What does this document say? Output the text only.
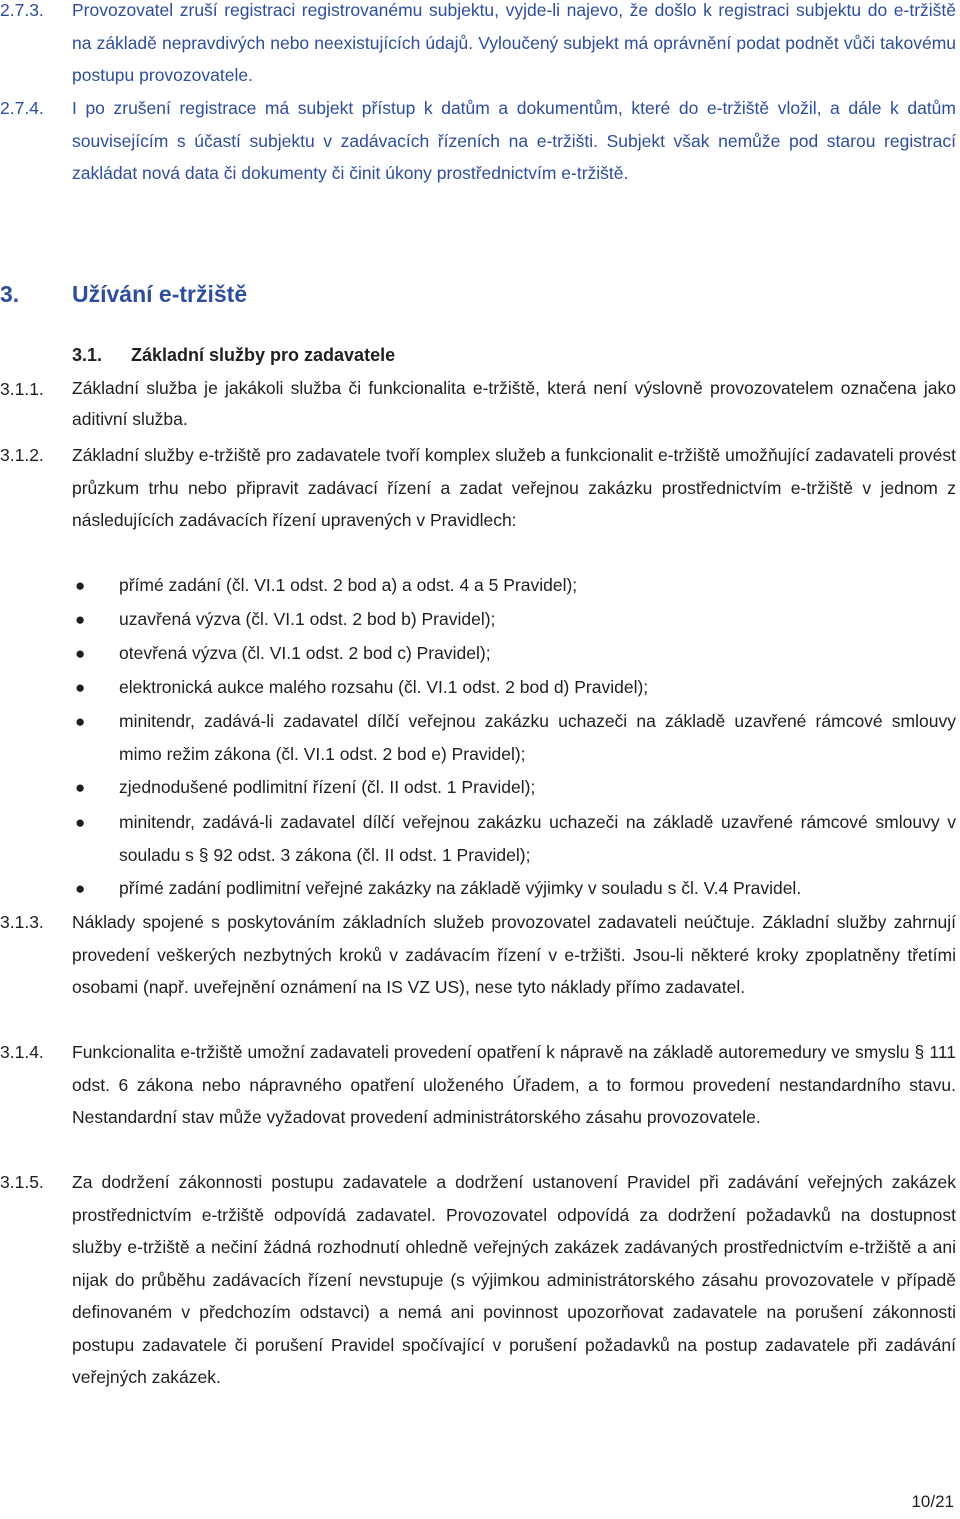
2.7.3. Provozovatel zruší registraci registrovanému subjektu, vyjde-li najevo, že došlo k registraci subjektu do e-tržiště na základě nepravdivých nebo neexistujících údajů. Vyloučený subjekt má oprávnění podat podnět vůči takovému postupu provozovatele.

2.7.4. I po zrušení registrace má subjekt přístup k datům a dokumentům, které do e-tržiště vložil, a dále k datům souvisejícím s účastí subjektu v zadávacích řízeních na e-tržišti. Subjekt však nemůže pod starou registrací zakládat nová data či dokumenty či činit úkony prostřednictvím e-tržiště.

3. Užívání e-tržiště
3.1. Základní služby pro zadavatele
3.1.1. Základní služba je jakákoli služba či funkcionalita e-tržiště, která není výslovně provozovatelem označena jako aditivní služba.

3.1.2. Základní služby e-tržiště pro zadavatele tvoří komplex služeb a funkcionalit e-tržiště umožňující zadavateli provést průzkum trhu nebo připravit zadávací řízení a zadat veřejnou zakázku prostřednictvím e-tržiště v jednom z následujících zadávacích řízení upravených v Pravidlech:

● přímé zadání (čl. VI.1 odst. 2 bod a) a odst. 4 a 5 Pravidel);
● uzavřená výzva (čl. VI.1 odst. 2 bod b) Pravidel);
● otevřená výzva (čl. VI.1 odst. 2 bod c) Pravidel);
● elektronická aukce malého rozsahu (čl. VI.1 odst. 2 bod d) Pravidel);
● minitendr, zadává-li zadavatel dílčí veřejnou zakázku uchazeči na základě uzavřené rámcové smlouvy mimo režim zákona (čl. VI.1 odst. 2 bod e) Pravidel);
● zjednodušené podlimitní řízení (čl. II odst. 1 Pravidel);
● minitendr, zadává-li zadavatel dílčí veřejnou zakázku uchazeči na základě uzavřené rámcové smlouvy v souladu s § 92 odst. 3 zákona (čl. II odst. 1 Pravidel);
● přímé zadání podlimitní veřejné zakázky na základě výjimky v souladu s čl. V.4 Pravidel.
3.1.3. Náklady spojené s poskytováním základních služeb provozovatel zadavateli neúčtuje. Základní služby zahrnují provedení veškerých nezbytných kroků v zadávacím řízení v e-tržišti. Jsou-li některé kroky zpoplatněny třetími osobami (např. uveřejnění oznámení na IS VZ US), nese tyto náklady přímo zadavatel.

3.1.4. Funkcionalita e-tržiště umožní zadavateli provedení opatření k nápravě na základě autoremedury ve smyslu § 111 odst. 6 zákona nebo nápravného opatření uloženého Úřadem, a to formou provedení nestandardního stavu. Nestandardní stav může vyžadovat provedení administrátorského zásahu provozovatele.

3.1.5. Za dodržení zákonnosti postupu zadavatele a dodržení ustanovení Pravidel při zadávání veřejných zakázek prostřednictvím e-tržiště odpovídá zadavatel. Provozovatel odpovídá za dodržení požadavků na dostupnost služby e-tržiště a nečiní žádná rozhodnutí ohledně veřejných zakázek zadávaných prostřednictvím e-tržiště a ani nijak do průběhu zadávacích řízení nevstupuje (s výjimkou administrátorského zásahu provozovatele v případě definovaném v předchozím odstavci) a nemá ani povinnost upozorňovat zadavatele na porušení zákonnosti postupu zadavatele či porušení Pravidel spočívající v porušení požadavků na postup zadavatele při zadávání veřejných zakázek.

10/21
